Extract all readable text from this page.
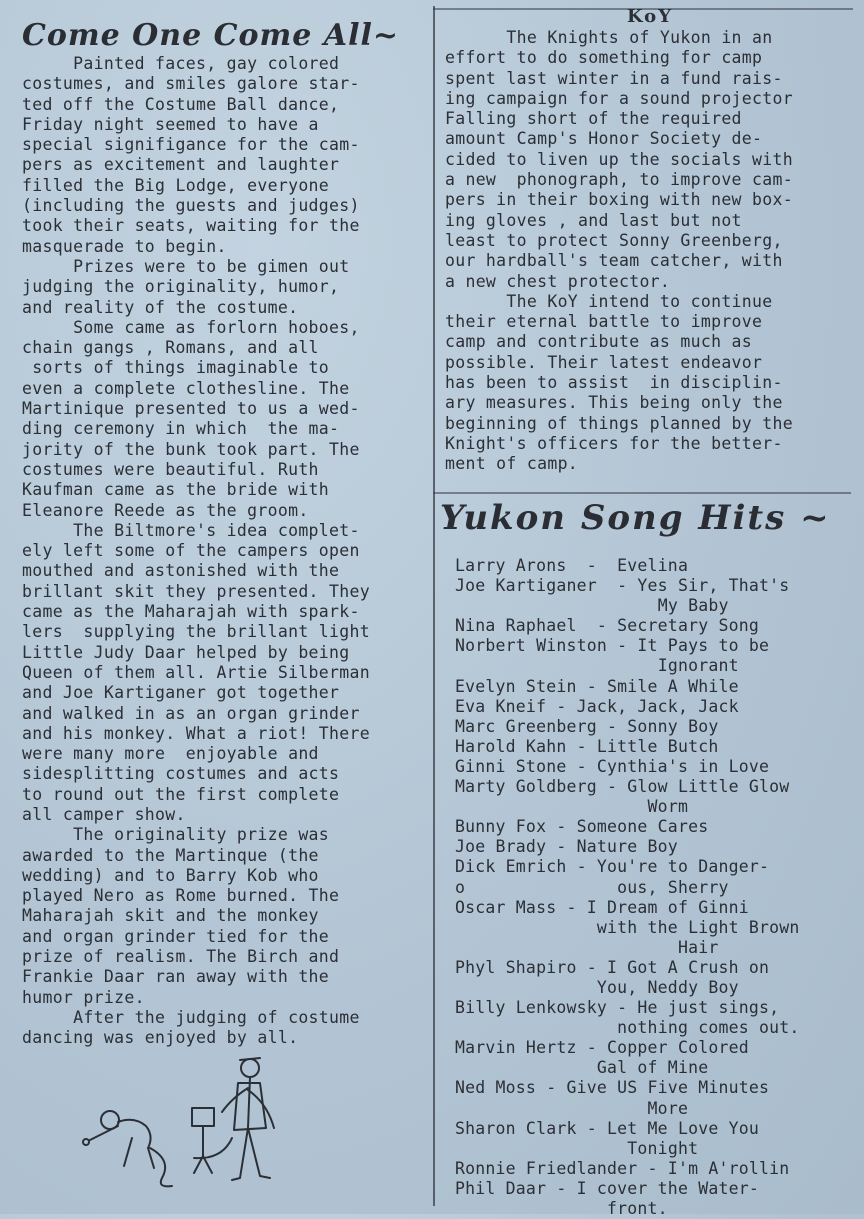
Come One Come All~

Painted faces, gay colored
costumes, and smiles galore star-
ted off the Costume Ball dance,
Friday night seemed to have a
special signifigance for the cam-
pers as excitement and laughter
filled the Big Lodge, everyone
(including the guests and judges)
took their seats, waiting for the
masquerade to begin.
Prizes were to be gimen out
judging the originality, humor,
and reality of the costume.
Some came as forlorn hoboes,
chain gangs , Romans, and all
sorts of things imaginable to
even a complete clothesline. The
Martinique presented to us a wed-
ding ceremony in which  the ma-
jority of the bunk took part. The
costumes were beautiful. Ruth
Kaufman came as the bride with
Eleanore Reede as the groom.
The Biltmore's idea complet-
ely left some of the campers open
mouthed and astonished with the
brillant skit they presented. They
came as the Maharajah with spark-
lers  supplying the brillant light
Little Judy Daar helped by being
Queen of them all. Artie Silberman
and Joe Kartiganer got together
and walked in as an organ grinder
and his monkey. What a riot! There
were many more  enjoyable and
sidesplitting costumes and acts
to round out the first complete
all camper show.
The originality prize was
awarded to the Martinque (the
wedding) and to Barry Kob who
played Nero as Rome burned. The
Maharajah skit and the monkey
and organ grinder tied for the
prize of realism. The Birch and
Frankie Daar ran away with the
humor prize.
After the judging of costume
dancing was enjoyed by all.

KoY

The Knights of Yukon in an
effort to do something for camp
spent last winter in a fund rais-
ing campaign for a sound projector
Falling short of the required
amount Camp's Honor Society de-
cided to liven up the socials with
a new  phonograph, to improve cam-
pers in their boxing with new box-
ing gloves , and last but not
least to protect Sonny Greenberg,
our hardball's team catcher, with
a new chest protector.
The KoY intend to continue
their eternal battle to improve
camp and contribute as much as
possible. Their latest endeavor
has been to assist  in disciplin-
ary measures. This being only the
beginning of things planned by the
Knight's officers for the better-
ment of camp.

Yukon Song Hits ~
Larry Arons  -  Evelina
Joe Kartiganer  - Yes Sir, That's
My Baby
Nina Raphael  - Secretary Song
Norbert Winston - It Pays to be
Ignorant
Evelyn Stein - Smile A While
Eva Kneif - Jack, Jack, Jack
Marc Greenberg - Sonny Boy
Harold Kahn - Little Butch
Ginni Stone - Cynthia's in Love
Marty Goldberg - Glow Little Glow
Worm
Bunny Fox - Someone Cares
Joe Brady - Nature Boy
Dick Emrich - You're to Danger-
o               ous, Sherry
Oscar Mass - I Dream of Ginni
with the Light Brown
Hair
Phyl Shapiro - I Got A Crush on
You, Neddy Boy
Billy Lenkowsky - He just sings,
nothing comes out.
Marvin Hertz - Copper Colored
Gal of Mine
Ned Moss - Give US Five Minutes
More
Sharon Clark - Let Me Love You
Tonight
Ronnie Friedlander - I'm A'rollin
Phil Daar - I cover the Water-
front.
